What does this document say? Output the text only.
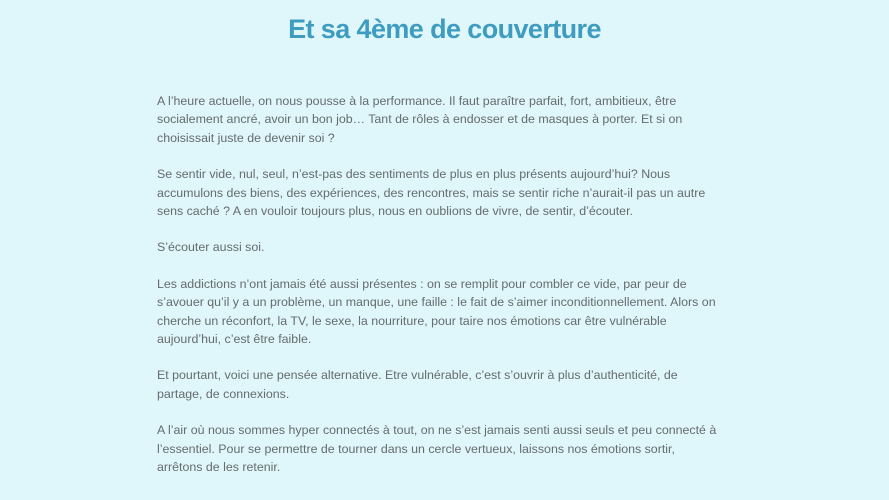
Et sa 4ème de couverture

A l’heure actuelle, on nous pousse à la performance. Il faut paraître parfait, fort, ambitieux, être socialement ancré, avoir un bon job… Tant de rôles à endosser et de masques à porter. Et si on choisissait juste de devenir soi ?

Se sentir vide, nul, seul, n’est-pas des sentiments de plus en plus présents aujourd’hui? Nous accumulons des biens, des expériences, des rencontres, mais se sentir riche n’aurait-il pas un autre sens caché ? A en vouloir toujours plus, nous en oublions de vivre, de sentir, d’écouter.

S’écouter aussi soi.

Les addictions n’ont jamais été aussi présentes : on se remplit pour combler ce vide, par peur de s’avouer qu’il y a un problème, un manque, une faille : le fait de s’aimer inconditionnellement. Alors on cherche un réconfort, la TV, le sexe, la nourriture, pour taire nos émotions car être vulnérable aujourd’hui, c’est être faible.

Et pourtant, voici une pensée alternative. Etre vulnérable, c’est s’ouvrir à plus d’authenticité, de partage, de connexions.

A l’air où nous sommes hyper connectés à tout, on ne s’est jamais senti aussi seuls et peu connecté à l’essentiel. Pour se permettre de tourner dans un cercle vertueux, laissons nos émotions sortir, arrêtons de les retenir.
